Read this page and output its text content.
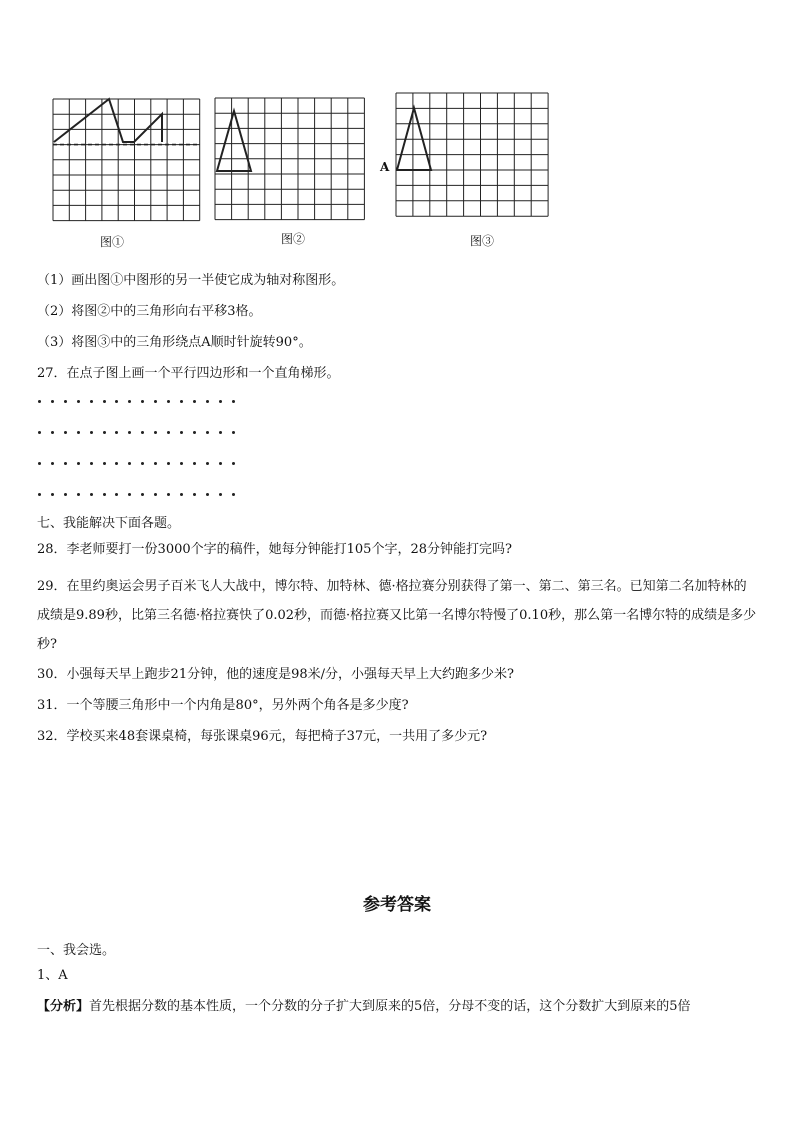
图①	图②
A
图③
（1）画出图①中图形的另一半使它成为轴对称图形。
（2）将图②中的三角形向右平移3格。
（3）将图③中的三角形绕点A顺时针旋转90°。
27．在点子图上画一个平行四边形和一个直角梯形。
七、我能解决下面各题。
28．李老师要打一份3000个字的稿件，她每分钟能打105个字，28分钟能打完吗?
29．在里约奥运会男子百米飞人大战中，博尔特、加特林、德·格拉赛分别获得了第一、第二、第三名。已知第二名加特林的成绩是9.89秒，比第三名德·格拉赛快了0.02秒，而德·格拉赛又比第一名博尔特慢了0.10秒，那么第一名博尔特的成绩是多少秒?
30．小强每天早上跑步21分钟，他的速度是98米/分，小强每天早上大约跑多少米?
31．一个等腰三角形中一个内角是80°，另外两个角各是多少度?
32．学校买来48套课桌椅，每张课桌96元，每把椅子37元，一共用了多少元?
参考答案
一、我会选。
1、A
【分析】首先根据分数的基本性质，一个分数的分子扩大到原来的5倍，分母不变的话，这个分数扩大到原来的5倍
